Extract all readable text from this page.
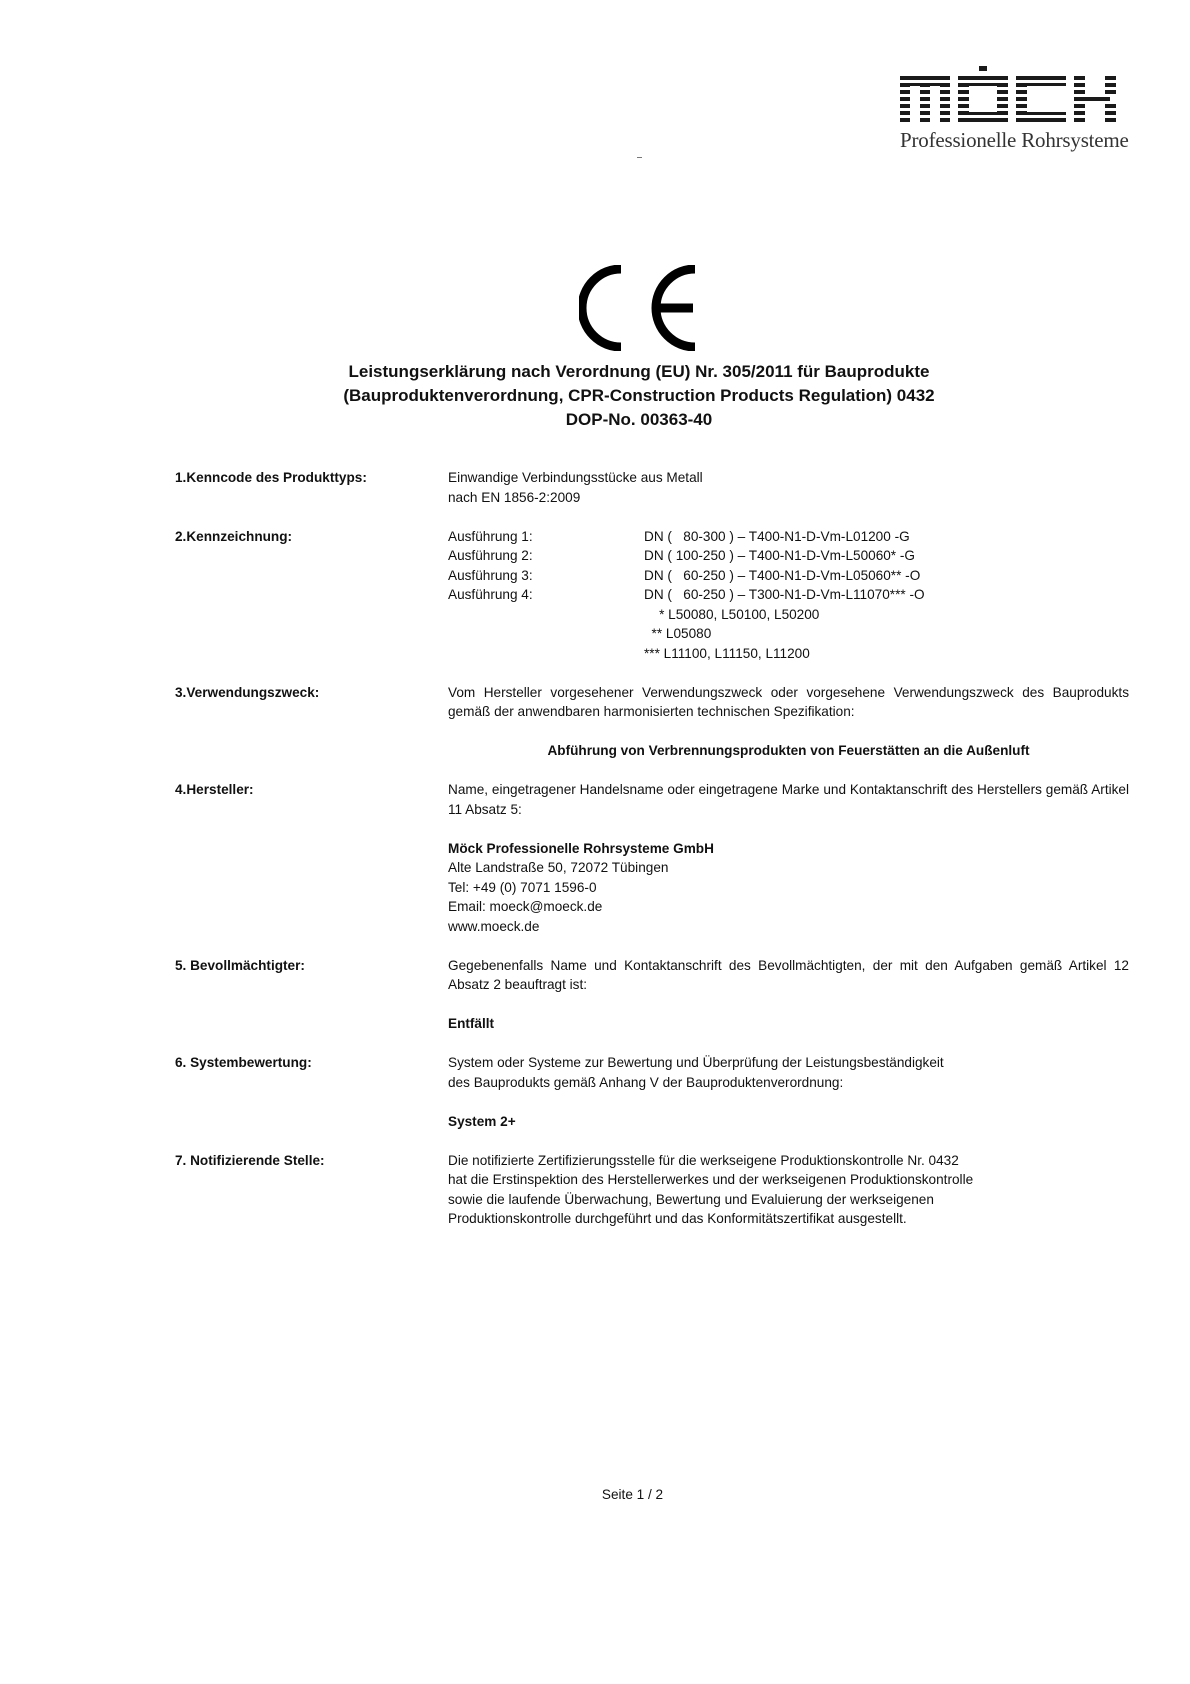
Professionelle Rohrsysteme
Leistungserklärung nach Verordnung (EU) Nr. 305/2011 für Bauprodukte
(Bauproduktenverordnung, CPR-Construction Products Regulation) 0432
DOP-No. 00363-40
1.Kenncode des Produkttyps:	Einwandige Verbindungsstücke aus Metall
nach EN 1856-2:2009
2.Kennzeichnung:	Ausführung 1:	DN (   80-300 ) – T400-N1-D-Vm-L01200 -G
Ausführung 2:	DN ( 100-250 ) – T400-N1-D-Vm-L50060* -G
Ausführung 3:	DN (   60-250 ) – T400-N1-D-Vm-L05060** -O
Ausführung 4:	DN (   60-250 ) – T300-N1-D-Vm-L11070*** -O
* L50080, L50100, L50200
** L05080
*** L11100, L11150, L11200
3.Verwendungszweck:	Vom Hersteller vorgesehener Verwendungszweck oder vorgesehene Verwendungszweck des Bauprodukts gemäß der anwendbaren harmonisierten technischen Spezifikation:
Abführung von Verbrennungsprodukten von Feuerstätten an die Außenluft
4.Hersteller:	Name, eingetragener Handelsname oder eingetragene Marke und Kontaktanschrift des Herstellers gemäß Artikel 11 Absatz 5:
Möck Professionelle Rohrsysteme GmbH
Alte Landstraße 50, 72072 Tübingen
Tel: +49 (0) 7071 1596-0
Email: moeck@moeck.de
www.moeck.de
5. Bevollmächtigter:	Gegebenenfalls Name und Kontaktanschrift des Bevollmächtigten, der mit den Aufgaben gemäß Artikel 12 Absatz 2 beauftragt ist:
Entfällt
6. Systembewertung:	System oder Systeme zur Bewertung und Überprüfung der Leistungsbeständigkeit
des Bauprodukts gemäß Anhang V der Bauproduktenverordnung:
System 2+
7. Notifizierende Stelle:	Die notifizierte Zertifizierungsstelle für die werkseigene Produktionskontrolle Nr. 0432
hat die Erstinspektion des Herstellerwerkes und der werkseigenen Produktionskontrolle
sowie die laufende Überwachung, Bewertung und Evaluierung der werkseigenen
Produktionskontrolle durchgeführt und das Konformitätszertifikat ausgestellt.
Seite 1 / 2
